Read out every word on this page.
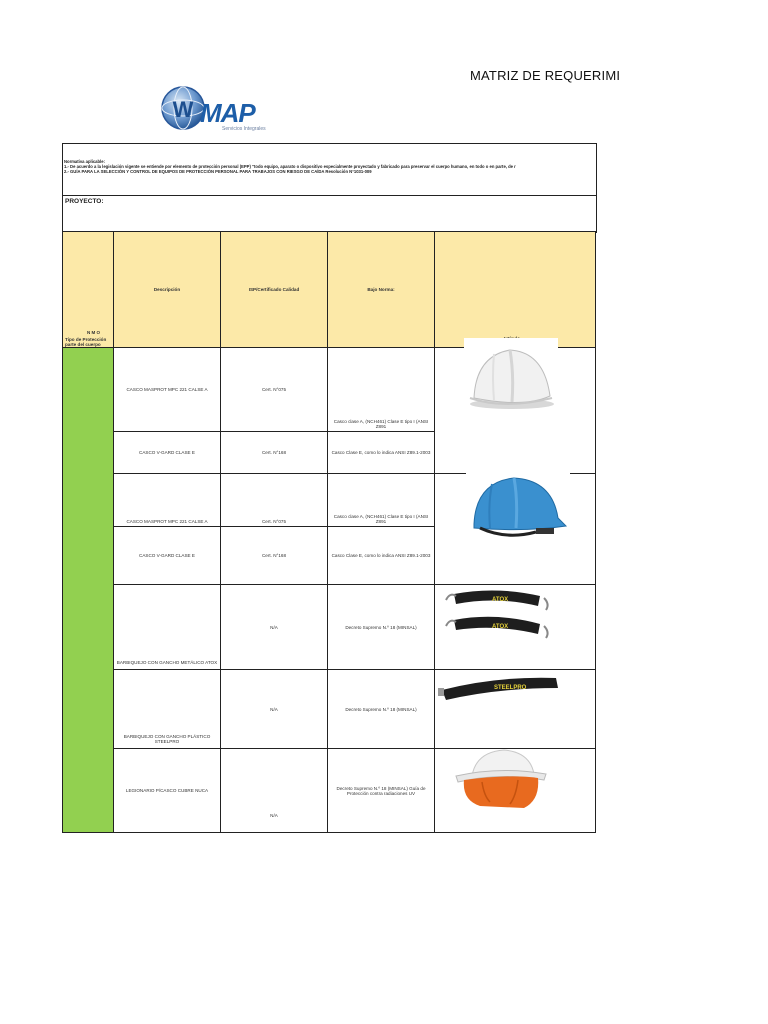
MATRIZ DE REQUERIMI
W MAP
Servicios Integrales

Normativa aplicable:

1.- De acuerdo a la legislación vigente se entiende por elemento de protección personal (EPP) "todo equipo, aparato o dispositivo especialmente proyectado y fabricado para preservar el cuerpo humano, en todo o en parte, de r

2.- GUÍA PARA LA SELECCIÓN Y CONTROL DE EQUIPOS DE PROTECCIÓN PERSONAL PARA TRABAJOS CON RIESGO DE CAÍDA Resolución N°1031-009

PROYECTO:
N M O
Tipo de Protección
parte del cuerpo	Descripción	ISP/Certificado Calidad	Bajo Norma:	

	CASCO MASPROT MPC 221 CALSE A	Cert. N°075	Casco clase A, (NCH461) Clase E tipo I (ANSI Z891	
	CASCO V-GARD CLASE E	Cert. N°168	Casco Clase E, como lo indica ANSI Z89.1-2003	
	CASCO MASPROT MPC 221 CALSE A	Cert. N°075	Casco clase A, (NCH461) Clase E tipo I (ANSI Z891	
	CASCO V-GARD CLASE E	Cert. N°168	Casco Clase E, como lo indica ANSI Z89.1-2003	
	BARBIQUEJO CON GANCHO METÁLICO ATOX	N/A	Decreto Supremo N.º 18 (MINSAL)	
	BARBIQUEJO CON GANCHO PLÁSTICO STEELPRO	N/A	Decreto Supremo N.º 18 (MINSAL)	
	LEGIONARIO P/CASCO CUBRE NUCA	N/A	Decreto Supremo N.º 18 (MINSAL) Guía de Protección contra radiaciones UV	
ATOX
ATOX
STEELPRO
